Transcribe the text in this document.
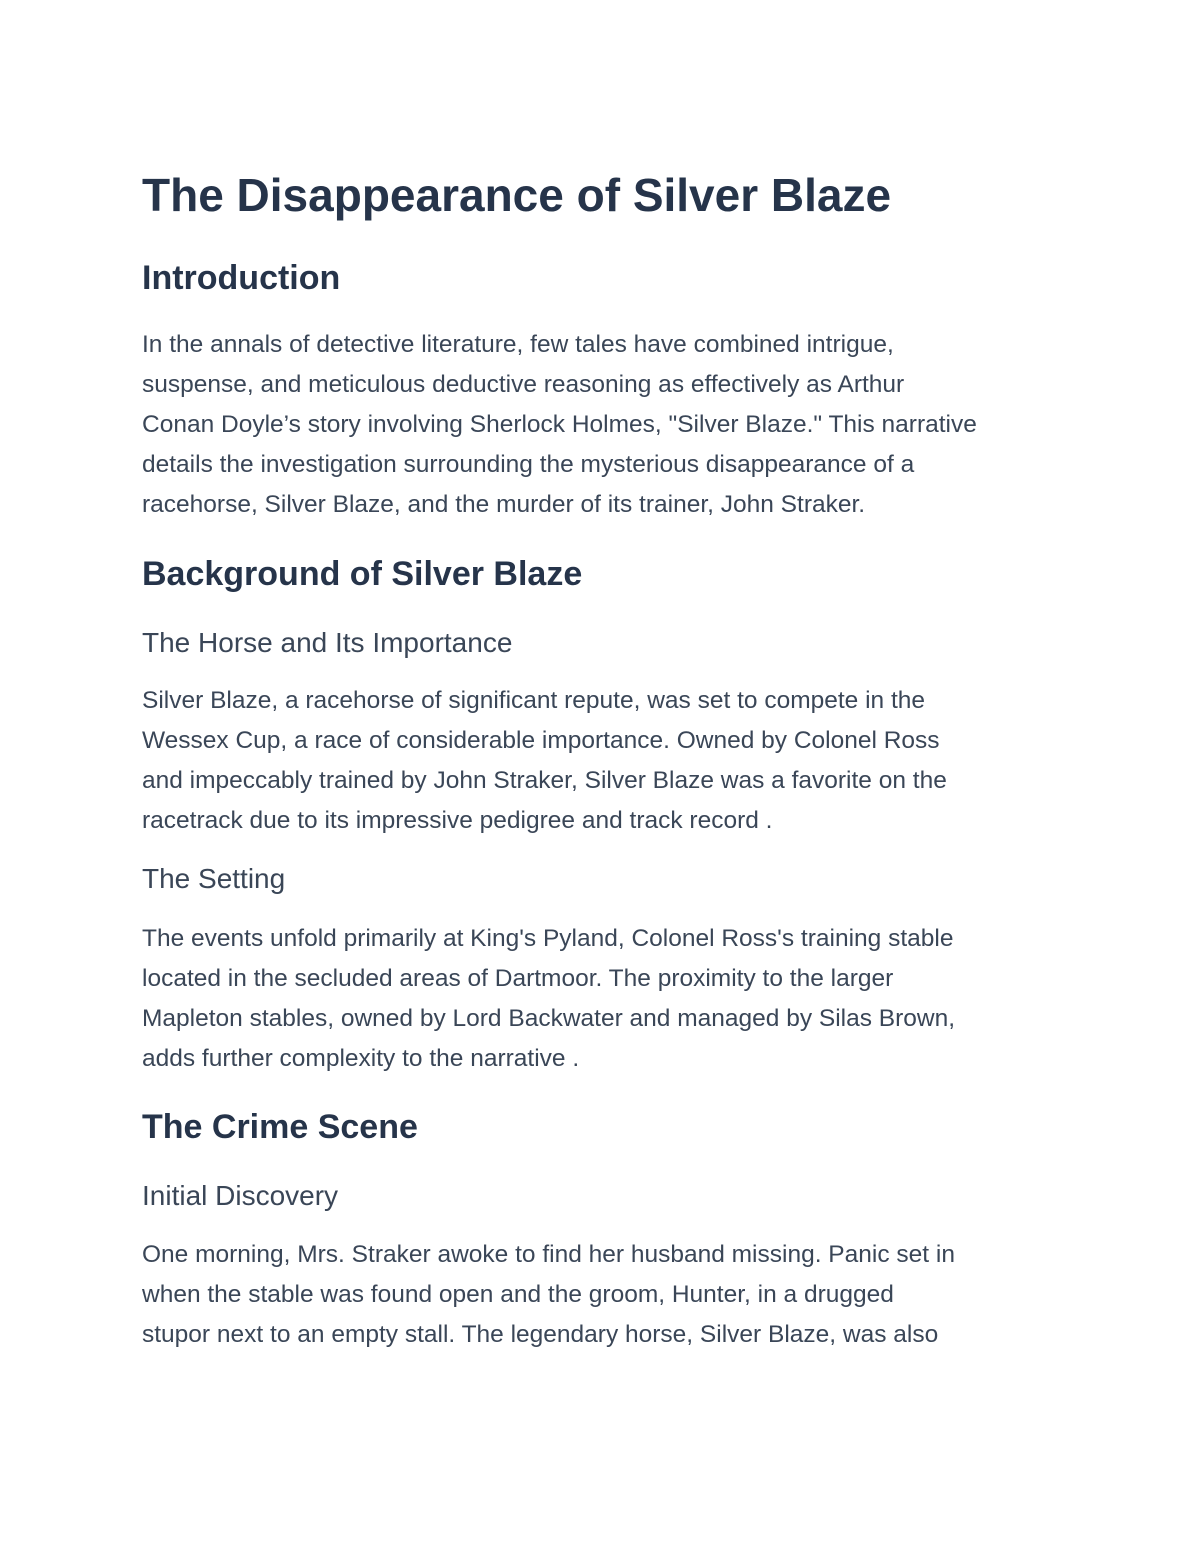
The Disappearance of Silver Blaze
Introduction

In the annals of detective literature, few tales have combined intrigue,
suspense, and meticulous deductive reasoning as effectively as Arthur
Conan Doyle’s story involving Sherlock Holmes, "Silver Blaze." This narrative
details the investigation surrounding the mysterious disappearance of a
racehorse, Silver Blaze, and the murder of its trainer, John Straker.

Background of Silver Blaze
The Horse and Its Importance

Silver Blaze, a racehorse of significant repute, was set to compete in the
Wessex Cup, a race of considerable importance. Owned by Colonel Ross
and impeccably trained by John Straker, Silver Blaze was a favorite on the
racetrack due to its impressive pedigree and track record .

The Setting

The events unfold primarily at King's Pyland, Colonel Ross's training stable
located in the secluded areas of Dartmoor. The proximity to the larger
Mapleton stables, owned by Lord Backwater and managed by Silas Brown,
adds further complexity to the narrative .

The Crime Scene
Initial Discovery

One morning, Mrs. Straker awoke to find her husband missing. Panic set in
when the stable was found open and the groom, Hunter, in a drugged
stupor next to an empty stall. The legendary horse, Silver Blaze, was also
